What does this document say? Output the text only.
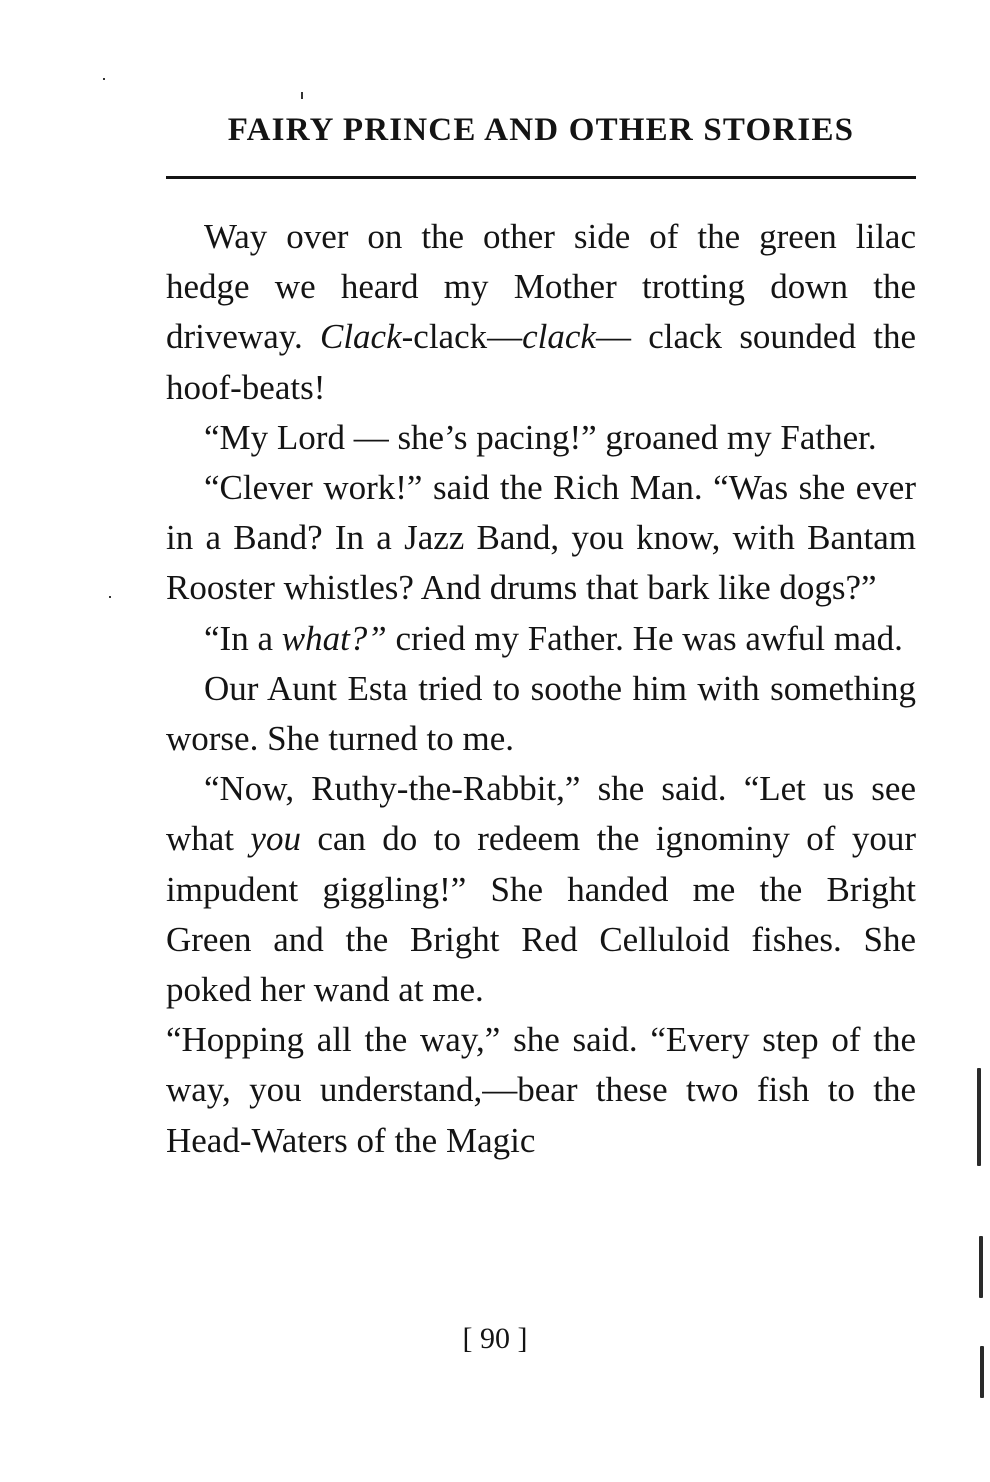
FAIRY PRINCE AND OTHER STORIES

Way over on the other side of the green lilac hedge we heard my Mother trotting down the driveway. Clack-clack—clack— clack sounded the hoof-beats!

“My Lord — she’s pacing!” groaned my Father.

“Clever work!” said the Rich Man. “Was she ever in a Band? In a Jazz Band, you know, with Bantam Rooster whistles? And drums that bark like dogs?”

“In a what?” cried my Father. He was awful mad.

Our Aunt Esta tried to soothe him with something worse. She turned to me.

“Now, Ruthy-the-Rabbit,” she said. “Let us see what you can do to redeem the ignominy of your impudent giggling!” She handed me the Bright Green and the Bright Red Celluloid fishes. She poked her wand at me.

“Hopping all the way,” she said. “Every step of the way, you understand,—bear these two fish to the Head-Waters of the Magic

[ 90 ]
